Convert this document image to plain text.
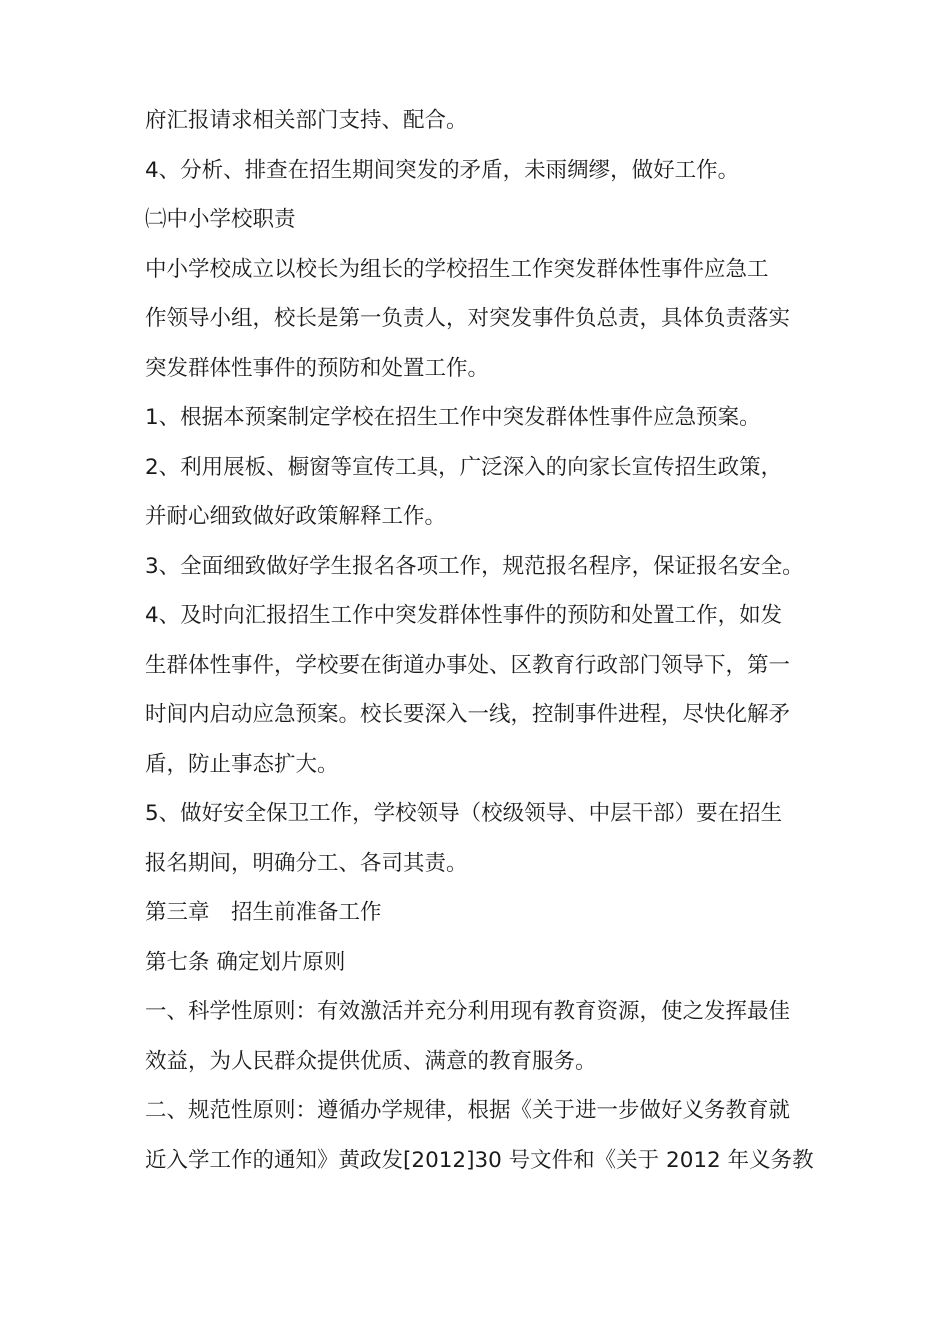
府汇报请求相关部门支持、配合。
4、分析、排查在招生期间突发的矛盾，未雨绸缪，做好工作。
㈡中小学校职责
中小学校成立以校长为组长的学校招生工作突发群体性事件应急工
作领导小组，校长是第一负责人，对突发事件负总责，具体负责落实
突发群体性事件的预防和处置工作。
1、根据本预案制定学校在招生工作中突发群体性事件应急预案。
2、利用展板、橱窗等宣传工具，广泛深入的向家长宣传招生政策，
并耐心细致做好政策解释工作。
3、全面细致做好学生报名各项工作，规范报名程序，保证报名安全。
4、及时向汇报招生工作中突发群体性事件的预防和处置工作，如发
生群体性事件，学校要在街道办事处、区教育行政部门领导下，第一
时间内启动应急预案。校长要深入一线，控制事件进程，尽快化解矛
盾，防止事态扩大。
5、做好安全保卫工作，学校领导（校级领导、中层干部）要在招生
报名期间，明确分工、各司其责。
第三章　招生前准备工作
第七条 确定划片原则
一、科学性原则：有效激活并充分利用现有教育资源，使之发挥最佳
效益，为人民群众提供优质、满意的教育服务。
二、规范性原则：遵循办学规律，根据《关于进一步做好义务教育就
近入学工作的通知》黄政发[2012]30 号文件和《关于 2012 年义务教
